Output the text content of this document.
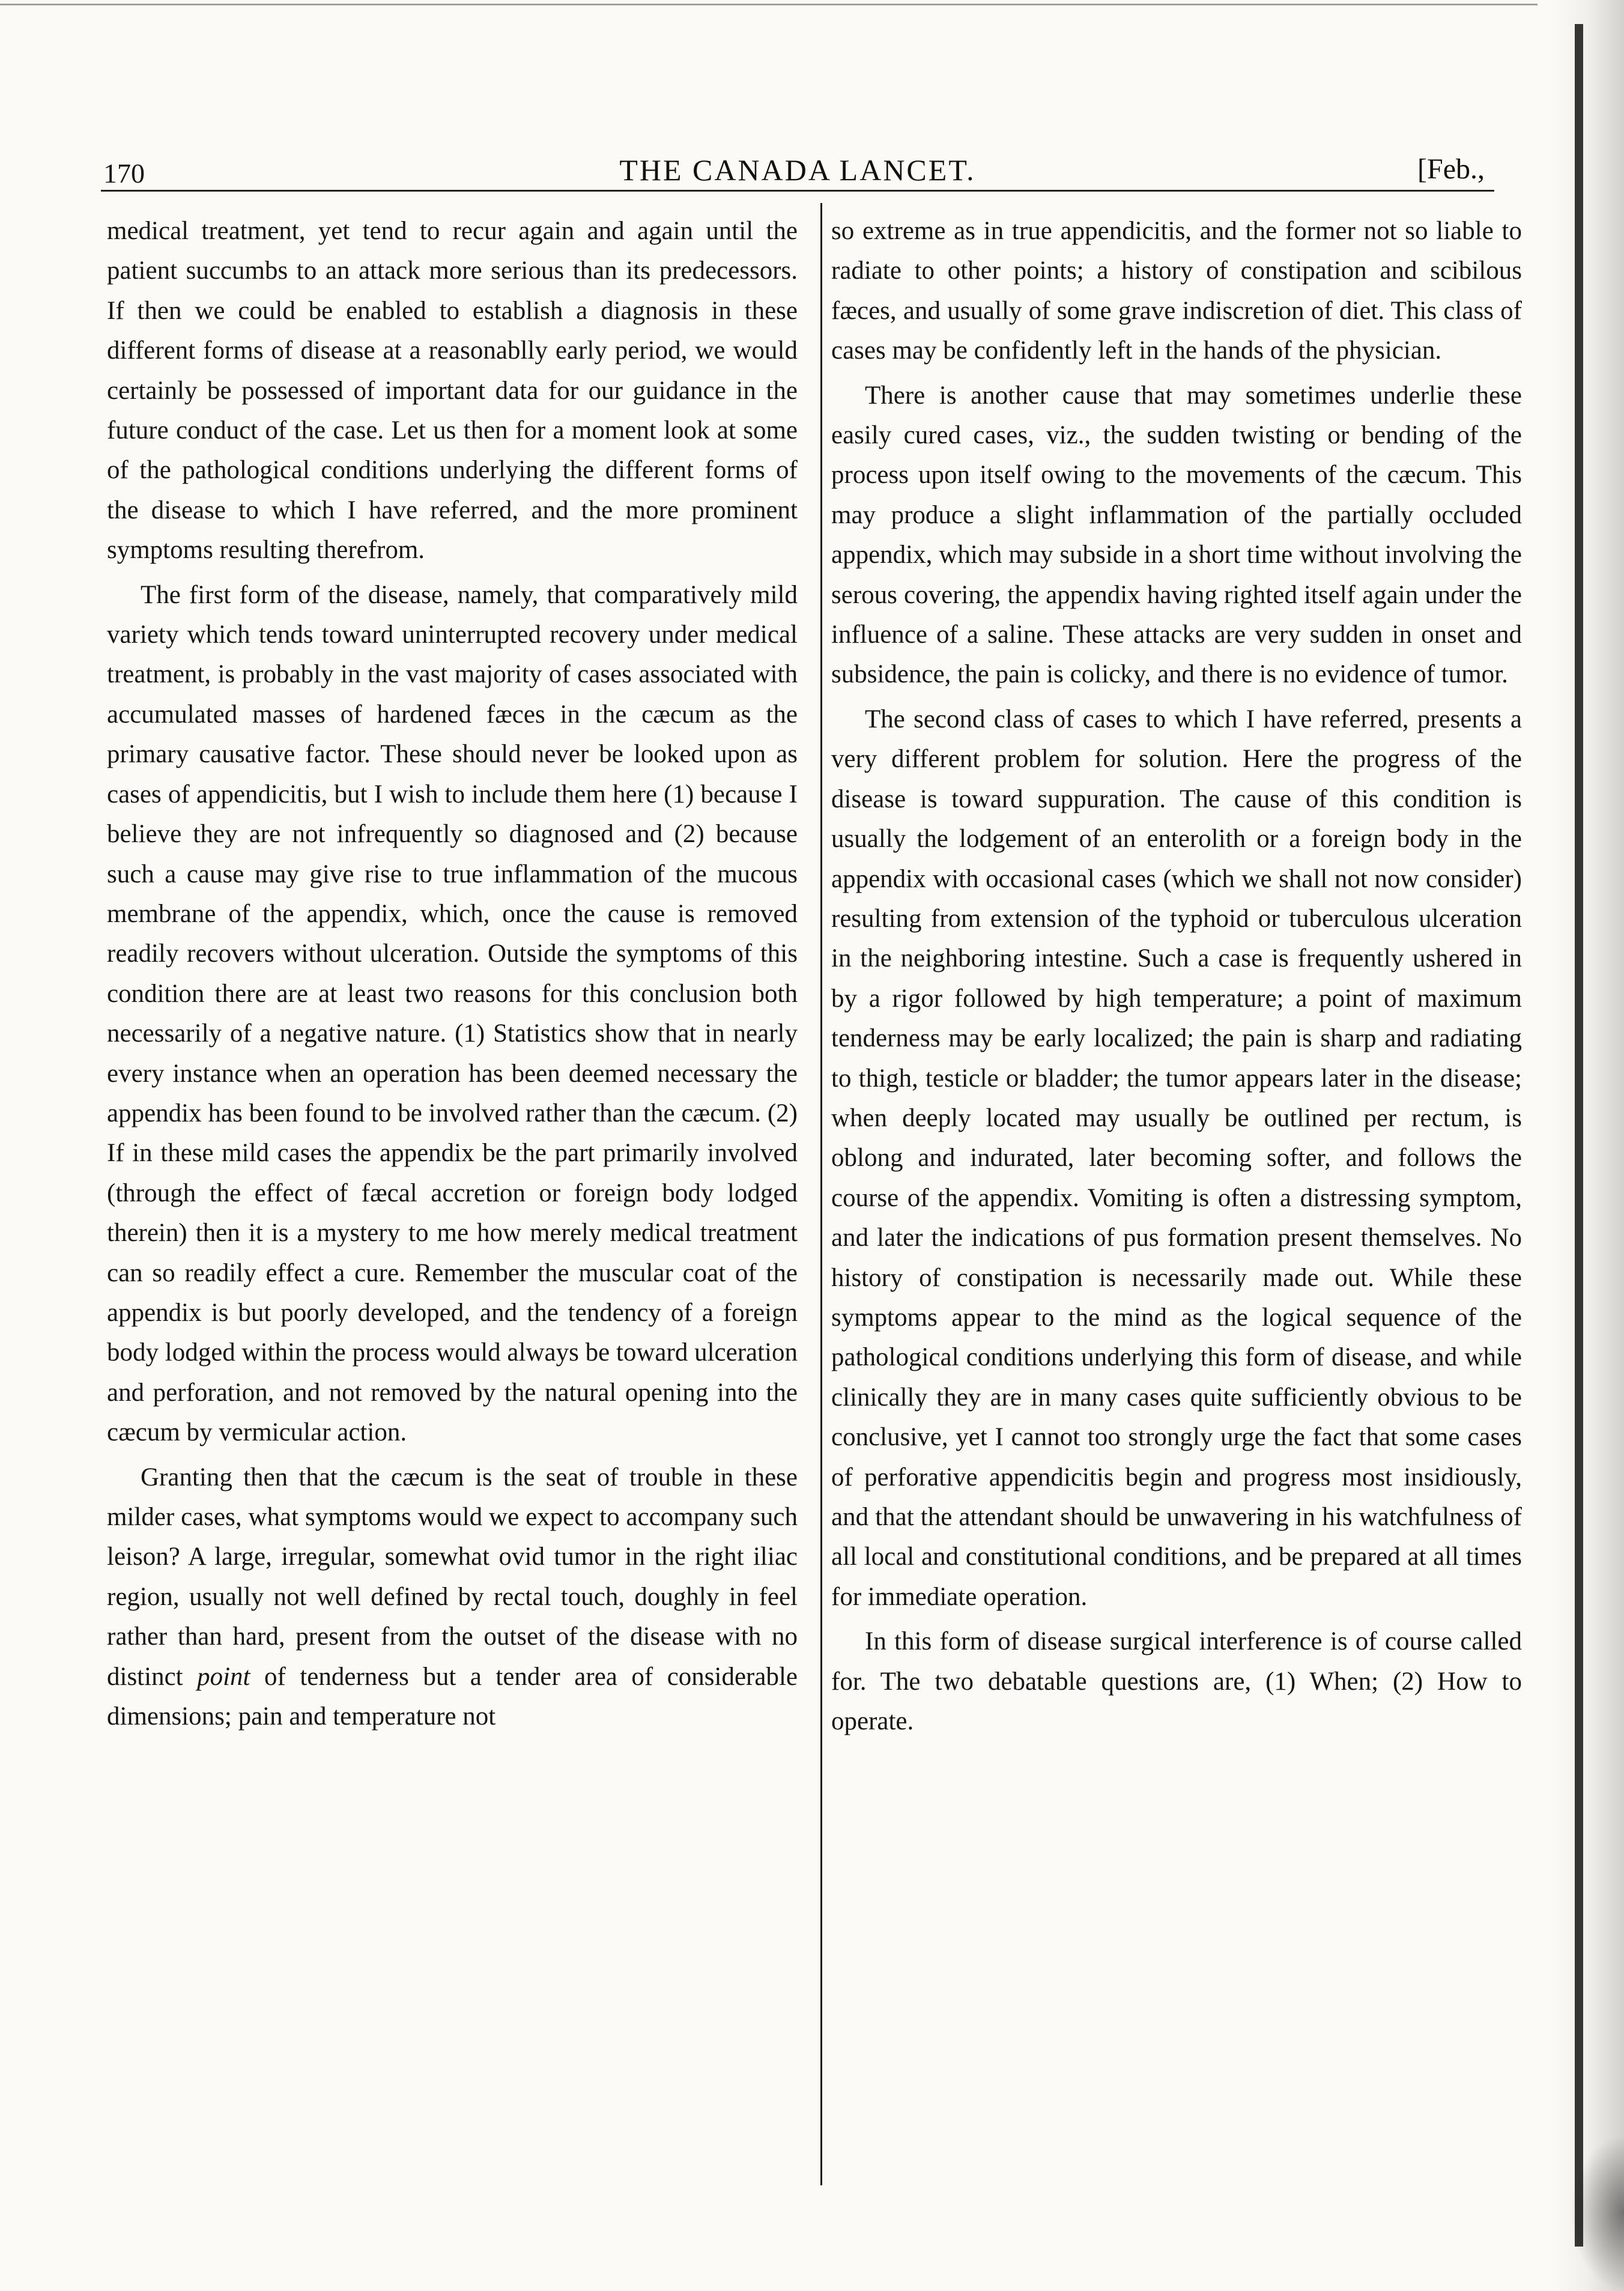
170	THE CANADA LANCET.	[Feb.,

medical treatment, yet tend to recur again and again until the patient succumbs to an attack more serious than its predecessors. If then we could be enabled to establish a diagnosis in these different forms of disease at a reasonablly early period, we would certainly be possessed of important data for our guidance in the future conduct of the case. Let us then for a moment look at some of the pathological conditions underlying the different forms of the disease to which I have referred, and the more prominent symptoms resulting therefrom.

The first form of the disease, namely, that comparatively mild variety which tends toward uninterrupted recovery under medical treatment, is probably in the vast majority of cases associated with accumulated masses of hardened fæces in the cæcum as the primary causative factor. These should never be looked upon as cases of appendicitis, but I wish to include them here (1) because I believe they are not infrequently so diagnosed and (2) because such a cause may give rise to true inflammation of the mucous membrane of the appendix, which, once the cause is removed readily recovers without ulceration. Outside the symptoms of this condition there are at least two reasons for this conclusion both necessarily of a negative nature. (1) Statistics show that in nearly every instance when an operation has been deemed necessary the appendix has been found to be involved rather than the cæcum. (2) If in these mild cases the appendix be the part primarily involved (through the effect of fæcal accretion or foreign body lodged therein) then it is a mystery to me how merely medical treatment can so readily effect a cure. Remember the muscular coat of the appendix is but poorly developed, and the tendency of a foreign body lodged within the process would always be toward ulceration and perforation, and not removed by the natural opening into the cæcum by vermicular action.

Granting then that the cæcum is the seat of trouble in these milder cases, what symptoms would we expect to accompany such leison? A large, irregular, somewhat ovid tumor in the right iliac region, usually not well defined by rectal touch, doughly in feel rather than hard, present from the outset of the disease with no distinct point of tenderness but a tender area of considerable dimensions; pain and temperature not

so extreme as in true appendicitis, and the former not so liable to radiate to other points; a history of constipation and scibilous fæces, and usually of some grave indiscretion of diet. This class of cases may be confidently left in the hands of the physician.

There is another cause that may sometimes underlie these easily cured cases, viz., the sudden twisting or bending of the process upon itself owing to the movements of the cæcum. This may produce a slight inflammation of the partially occluded appendix, which may subside in a short time without involving the serous covering, the appendix having righted itself again under the influence of a saline. These attacks are very sudden in onset and subsidence, the pain is colicky, and there is no evidence of tumor.

The second class of cases to which I have referred, presents a very different problem for solution. Here the progress of the disease is toward suppuration. The cause of this condition is usually the lodgement of an enterolith or a foreign body in the appendix with occasional cases (which we shall not now consider) resulting from extension of the typhoid or tuberculous ulceration in the neighboring intestine. Such a case is frequently ushered in by a rigor followed by high temperature; a point of maximum tenderness may be early localized; the pain is sharp and radiating to thigh, testicle or bladder; the tumor appears later in the disease; when deeply located may usually be outlined per rectum, is oblong and indurated, later becoming softer, and follows the course of the appendix. Vomiting is often a distressing symptom, and later the indications of pus formation present themselves. No history of constipation is necessarily made out. While these symptoms appear to the mind as the logical sequence of the pathological conditions underlying this form of disease, and while clinically they are in many cases quite sufficiently obvious to be conclusive, yet I cannot too strongly urge the fact that some cases of perforative appendicitis begin and progress most insidiously, and that the attendant should be unwavering in his watchfulness of all local and constitutional conditions, and be prepared at all times for immediate operation.

In this form of disease surgical interference is of course called for. The two debatable questions are, (1) When; (2) How to operate.
